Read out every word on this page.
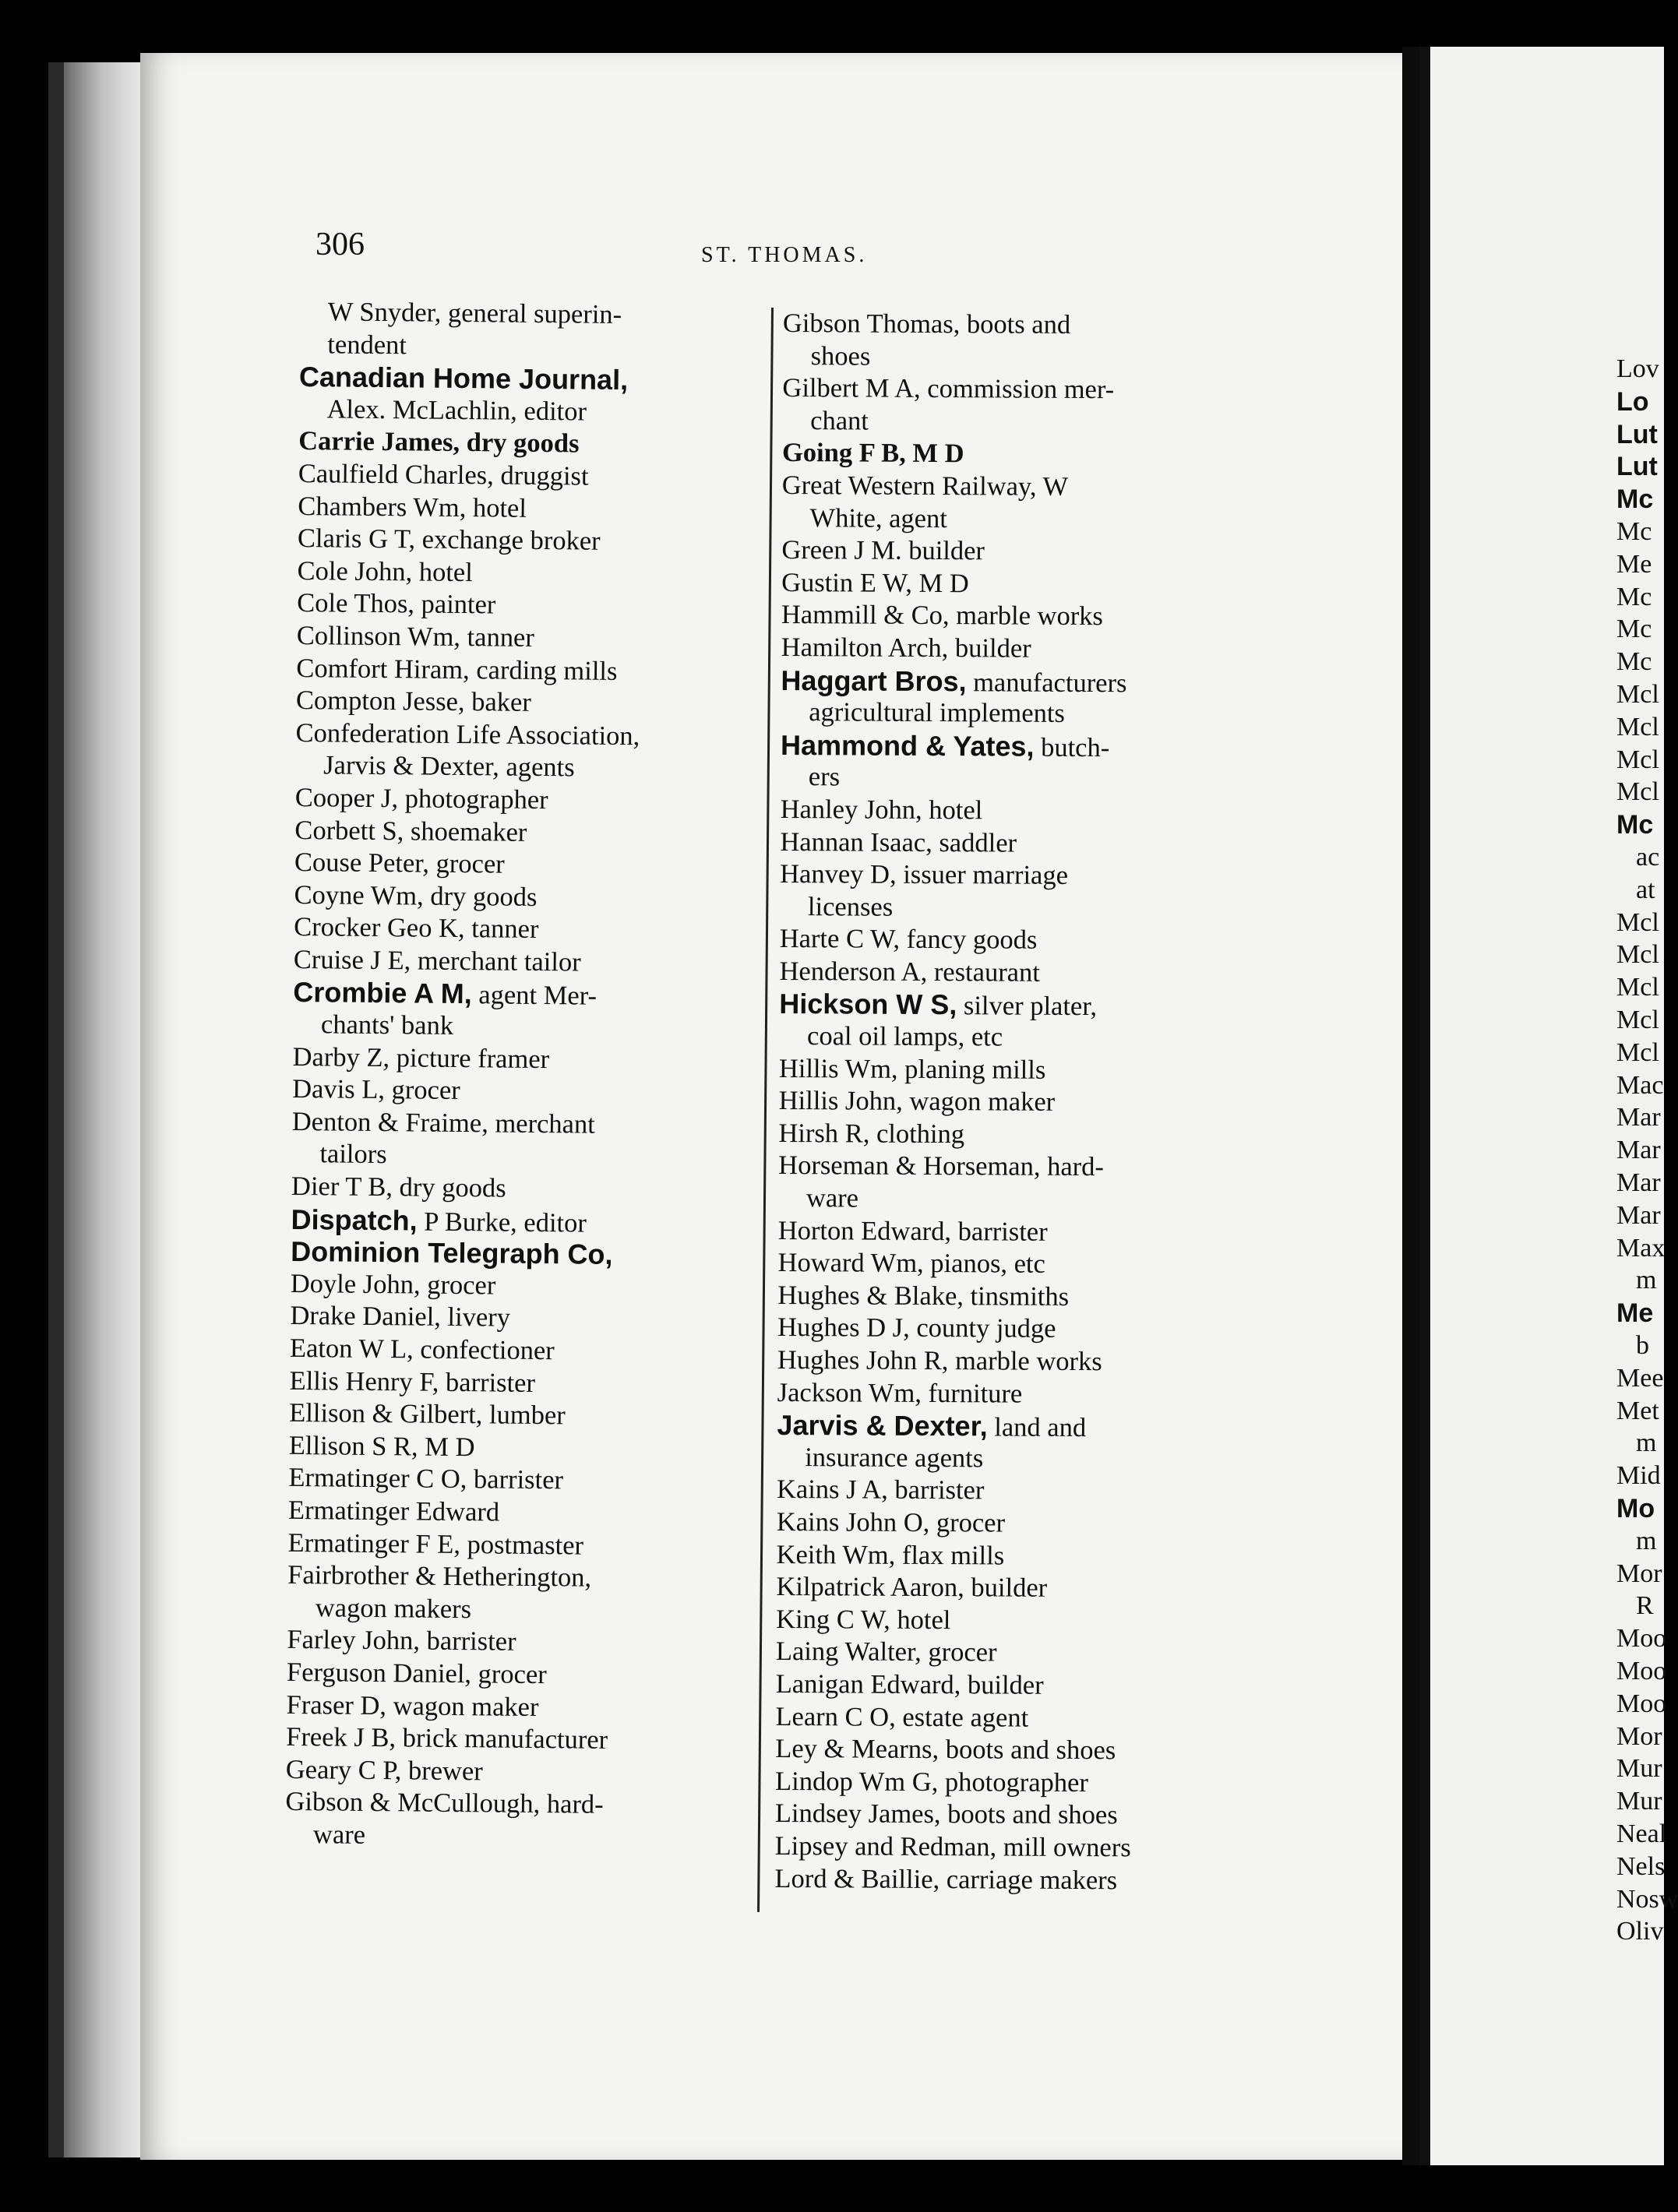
306	ST. THOMAS.
W Snyder, general superin-
tendent
Canadian Home Journal,
Alex. McLachlin, editor
Carrie James, dry goods
Caulfield Charles, druggist
Chambers Wm, hotel
Claris G T, exchange broker
Cole John, hotel
Cole Thos, painter
Collinson Wm, tanner
Comfort Hiram, carding mills
Compton Jesse, baker
Confederation Life Association,
Jarvis & Dexter, agents
Cooper J, photographer
Corbett S, shoemaker
Couse Peter, grocer
Coyne Wm, dry goods
Crocker Geo K, tanner
Cruise J E, merchant tailor
Crombie A M, agent Mer-
chants' bank
Darby Z, picture framer
Davis L, grocer
Denton & Fraime, merchant
tailors
Dier T B, dry goods
Dispatch, P Burke, editor
Dominion Telegraph Co,
Doyle John, grocer
Drake Daniel, livery
Eaton W L, confectioner
Ellis Henry F, barrister
Ellison & Gilbert, lumber
Ellison S R, M D
Ermatinger C O, barrister
Ermatinger Edward
Ermatinger F E, postmaster
Fairbrother & Hetherington,
wagon makers
Farley John, barrister
Ferguson Daniel, grocer
Fraser D, wagon maker
Freek J B, brick manufacturer
Geary C P, brewer
Gibson & McCullough, hard-
ware
Gibson Thomas, boots and
shoes
Gilbert M A, commission mer-
chant
Going F B, M D
Great Western Railway, W
White, agent
Green J M. builder
Gustin E W, M D
Hammill & Co, marble works
Hamilton Arch, builder
Haggart Bros, manufacturers
agricultural implements
Hammond & Yates, butch-
ers
Hanley John, hotel
Hannan Isaac, saddler
Hanvey D, issuer marriage
licenses
Harte C W, fancy goods
Henderson A, restaurant
Hickson W S, silver plater,
coal oil lamps, etc
Hillis Wm, planing mills
Hillis John, wagon maker
Hirsh R, clothing
Horseman & Horseman, hard-
ware
Horton Edward, barrister
Howard Wm, pianos, etc
Hughes & Blake, tinsmiths
Hughes D J, county judge
Hughes John R, marble works
Jackson Wm, furniture
Jarvis & Dexter, land and
insurance agents
Kains J A, barrister
Kains John O, grocer
Keith Wm, flax mills
Kilpatrick Aaron, builder
King C W, hotel
Laing Walter, grocer
Lanigan Edward, builder
Learn C O, estate agent
Ley & Mearns, boots and shoes
Lindop Wm G, photographer
Lindsey James, boots and shoes
Lipsey and Redman, mill owners
Lord & Baillie, carriage makers
Lov
Lo
Lut
Lut
Mc
Mc
Me
Mc
Mc
Mc
Mcl
Mcl
Mcl
Mcl
Mc
ac
at
Mcl
Mcl
Mcl
Mcl
Mcl
Mac
Mar
Mar
Mar
Mar
Max
m
Me
b
Mee
Met
m
Mid
Mo
m
Mor
R
Moo
Moo
Moo
Mor
Mur
Mur
Neal
Nels
Nosw
Oliv
